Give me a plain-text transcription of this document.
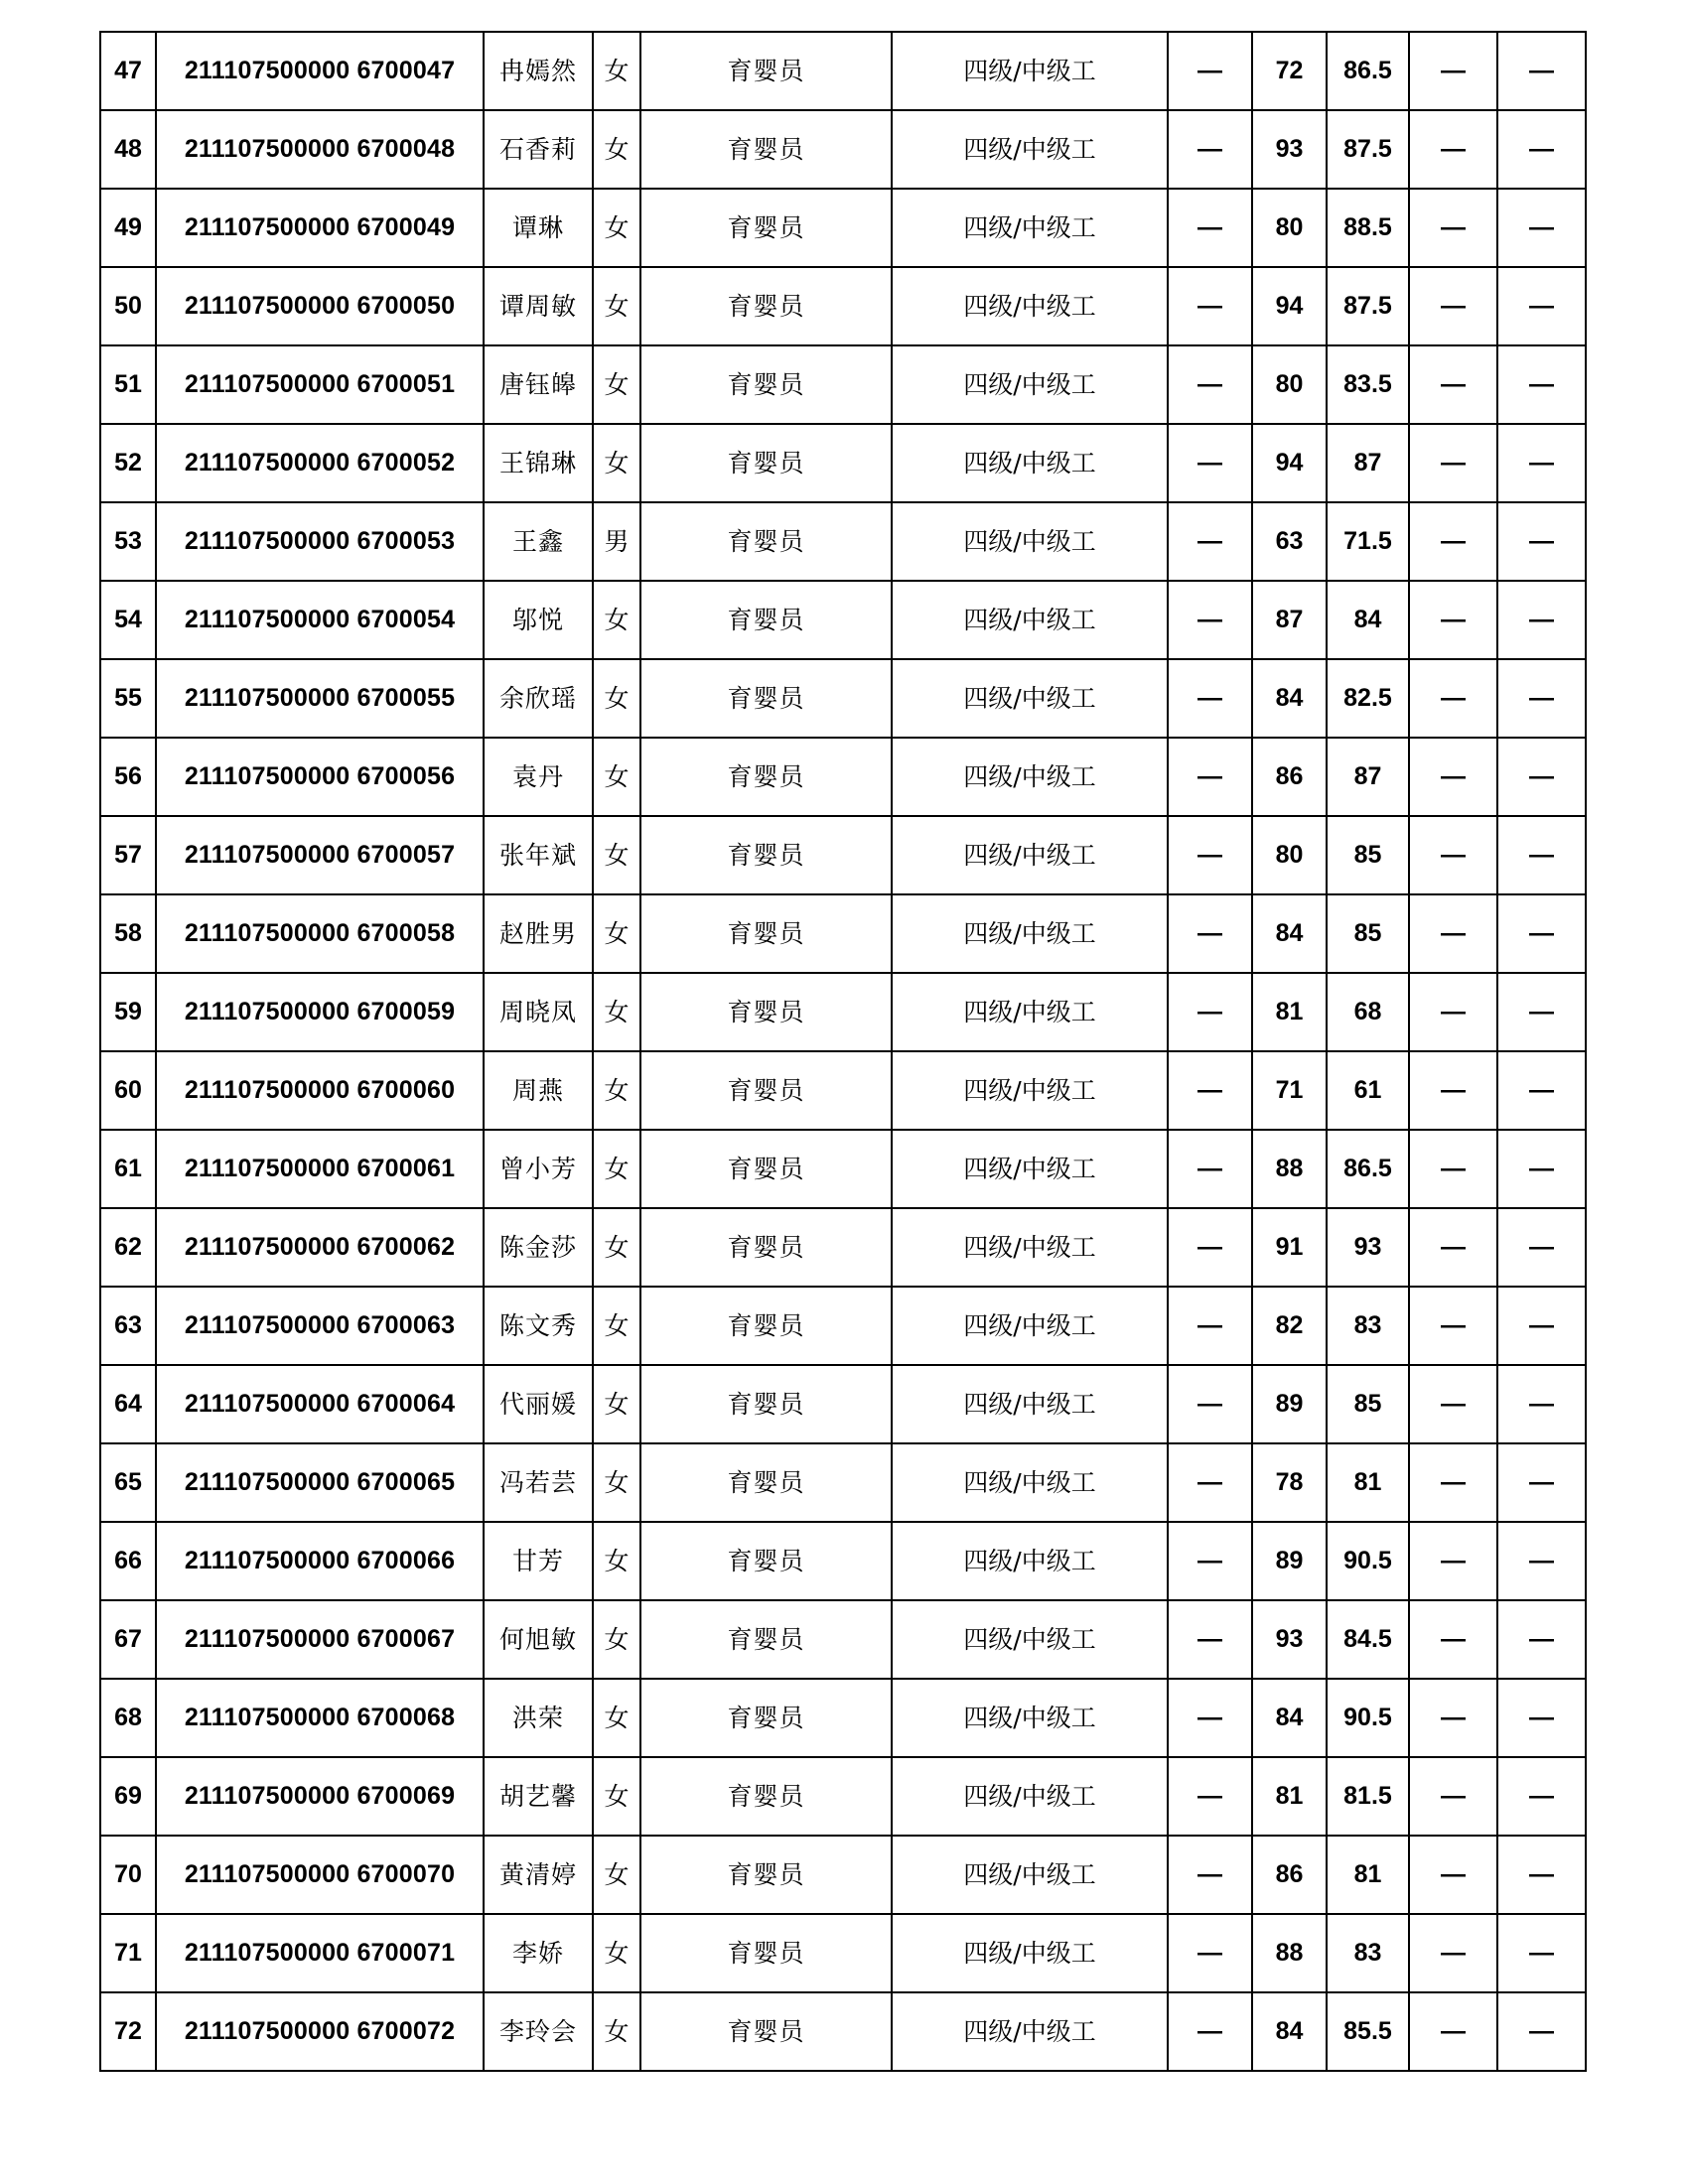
47	211107500000 6700047	冉嫣然	女	育婴员	四级/中级工	—	72	86.5	—	—
48	211107500000 6700048	石香莉	女	育婴员	四级/中级工	—	93	87.5	—	—
49	211107500000 6700049	谭琳	女	育婴员	四级/中级工	—	80	88.5	—	—
50	211107500000 6700050	谭周敏	女	育婴员	四级/中级工	—	94	87.5	—	—
51	211107500000 6700051	唐钰皞	女	育婴员	四级/中级工	—	80	83.5	—	—
52	211107500000 6700052	王锦琳	女	育婴员	四级/中级工	—	94	87	—	—
53	211107500000 6700053	王鑫	男	育婴员	四级/中级工	—	63	71.5	—	—
54	211107500000 6700054	邬悦	女	育婴员	四级/中级工	—	87	84	—	—
55	211107500000 6700055	余欣瑶	女	育婴员	四级/中级工	—	84	82.5	—	—
56	211107500000 6700056	袁丹	女	育婴员	四级/中级工	—	86	87	—	—
57	211107500000 6700057	张年斌	女	育婴员	四级/中级工	—	80	85	—	—
58	211107500000 6700058	赵胜男	女	育婴员	四级/中级工	—	84	85	—	—
59	211107500000 6700059	周晓凤	女	育婴员	四级/中级工	—	81	68	—	—
60	211107500000 6700060	周燕	女	育婴员	四级/中级工	—	71	61	—	—
61	211107500000 6700061	曾小芳	女	育婴员	四级/中级工	—	88	86.5	—	—
62	211107500000 6700062	陈金莎	女	育婴员	四级/中级工	—	91	93	—	—
63	211107500000 6700063	陈文秀	女	育婴员	四级/中级工	—	82	83	—	—
64	211107500000 6700064	代丽媛	女	育婴员	四级/中级工	—	89	85	—	—
65	211107500000 6700065	冯若芸	女	育婴员	四级/中级工	—	78	81	—	—
66	211107500000 6700066	甘芳	女	育婴员	四级/中级工	—	89	90.5	—	—
67	211107500000 6700067	何旭敏	女	育婴员	四级/中级工	—	93	84.5	—	—
68	211107500000 6700068	洪荣	女	育婴员	四级/中级工	—	84	90.5	—	—
69	211107500000 6700069	胡艺馨	女	育婴员	四级/中级工	—	81	81.5	—	—
70	211107500000 6700070	黄清婷	女	育婴员	四级/中级工	—	86	81	—	—
71	211107500000 6700071	李娇	女	育婴员	四级/中级工	—	88	83	—	—
72	211107500000 6700072	李玲会	女	育婴员	四级/中级工	—	84	85.5	—	—
